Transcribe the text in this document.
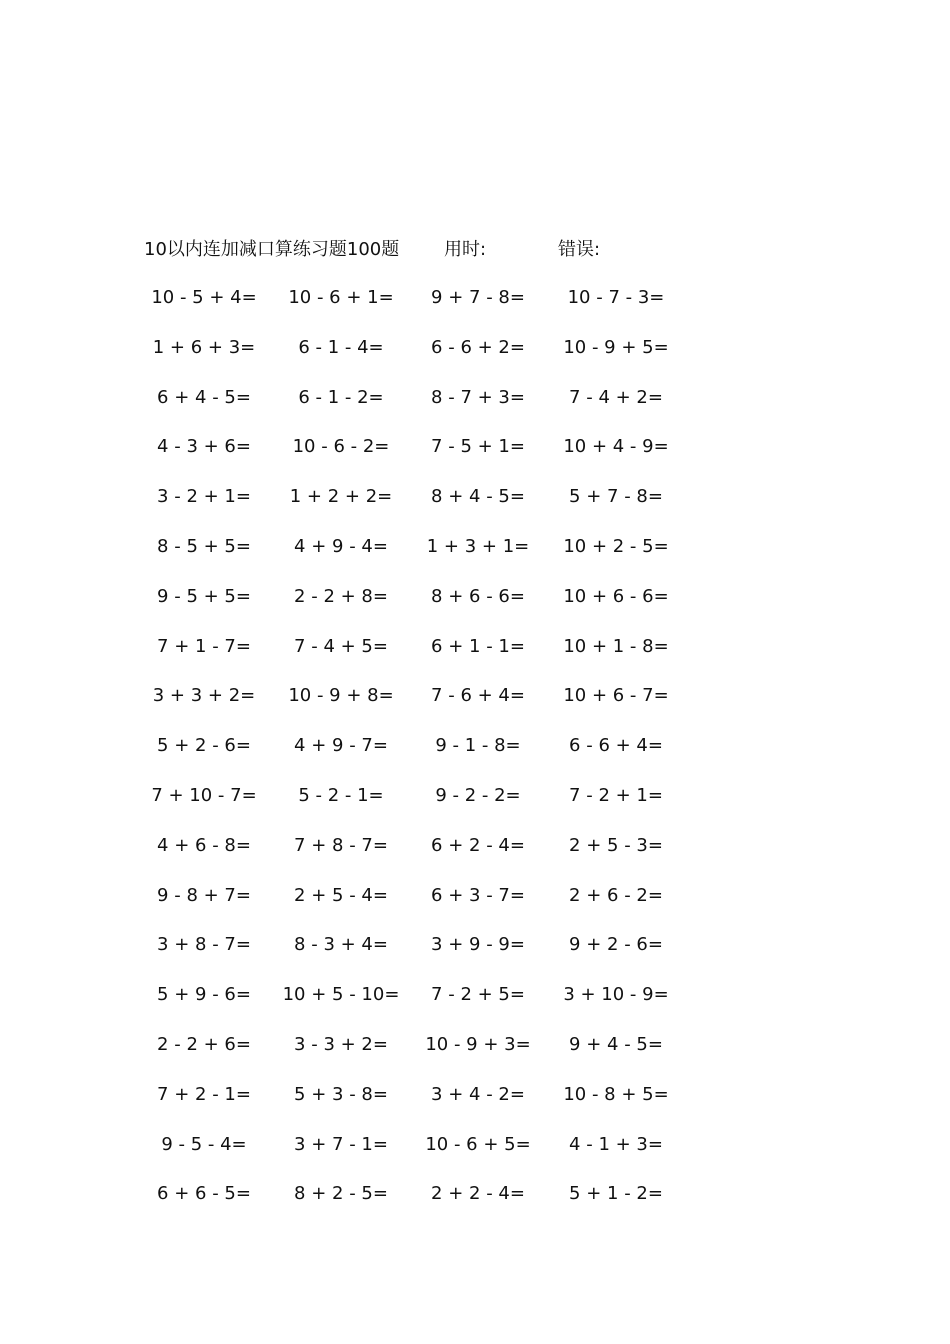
10以内连加减口算练习题100题 用时:	错误:
10 - 5 + 4=	10 - 6 + 1=	9 + 7 - 8=	10 - 7 - 3=
1 + 6 + 3=	6 - 1 - 4=	6 - 6 + 2=	10 - 9 + 5=
6 + 4 - 5=	6 - 1 - 2=	8 - 7 + 3=	7 - 4 + 2=
4 - 3 + 6=	10 - 6 - 2=	7 - 5 + 1=	10 + 4 - 9=
3 - 2 + 1=	1 + 2 + 2=	8 + 4 - 5=	5 + 7 - 8=
8 - 5 + 5=	4 + 9 - 4=	1 + 3 + 1=	10 + 2 - 5=
9 - 5 + 5=	2 - 2 + 8=	8 + 6 - 6=	10 + 6 - 6=
7 + 1 - 7=	7 - 4 + 5=	6 + 1 - 1=	10 + 1 - 8=
3 + 3 + 2=	10 - 9 + 8=	7 - 6 + 4=	10 + 6 - 7=
5 + 2 - 6=	4 + 9 - 7=	9 - 1 - 8=	6 - 6 + 4=
7 + 10 - 7=	5 - 2 - 1=	9 - 2 - 2=	7 - 2 + 1=
4 + 6 - 8=	7 + 8 - 7=	6 + 2 - 4=	2 + 5 - 3=
9 - 8 + 7=	2 + 5 - 4=	6 + 3 - 7=	2 + 6 - 2=
3 + 8 - 7=	8 - 3 + 4=	3 + 9 - 9=	9 + 2 - 6=
5 + 9 - 6=	10 + 5 - 10=	7 - 2 + 5=	3 + 10 - 9=
2 - 2 + 6=	3 - 3 + 2=	10 - 9 + 3=	9 + 4 - 5=
7 + 2 - 1=	5 + 3 - 8=	3 + 4 - 2=	10 - 8 + 5=
9 - 5 - 4=	3 + 7 - 1=	10 - 6 + 5=	4 - 1 + 3=
6 + 6 - 5=	8 + 2 - 5=	2 + 2 - 4=	5 + 1 - 2=
